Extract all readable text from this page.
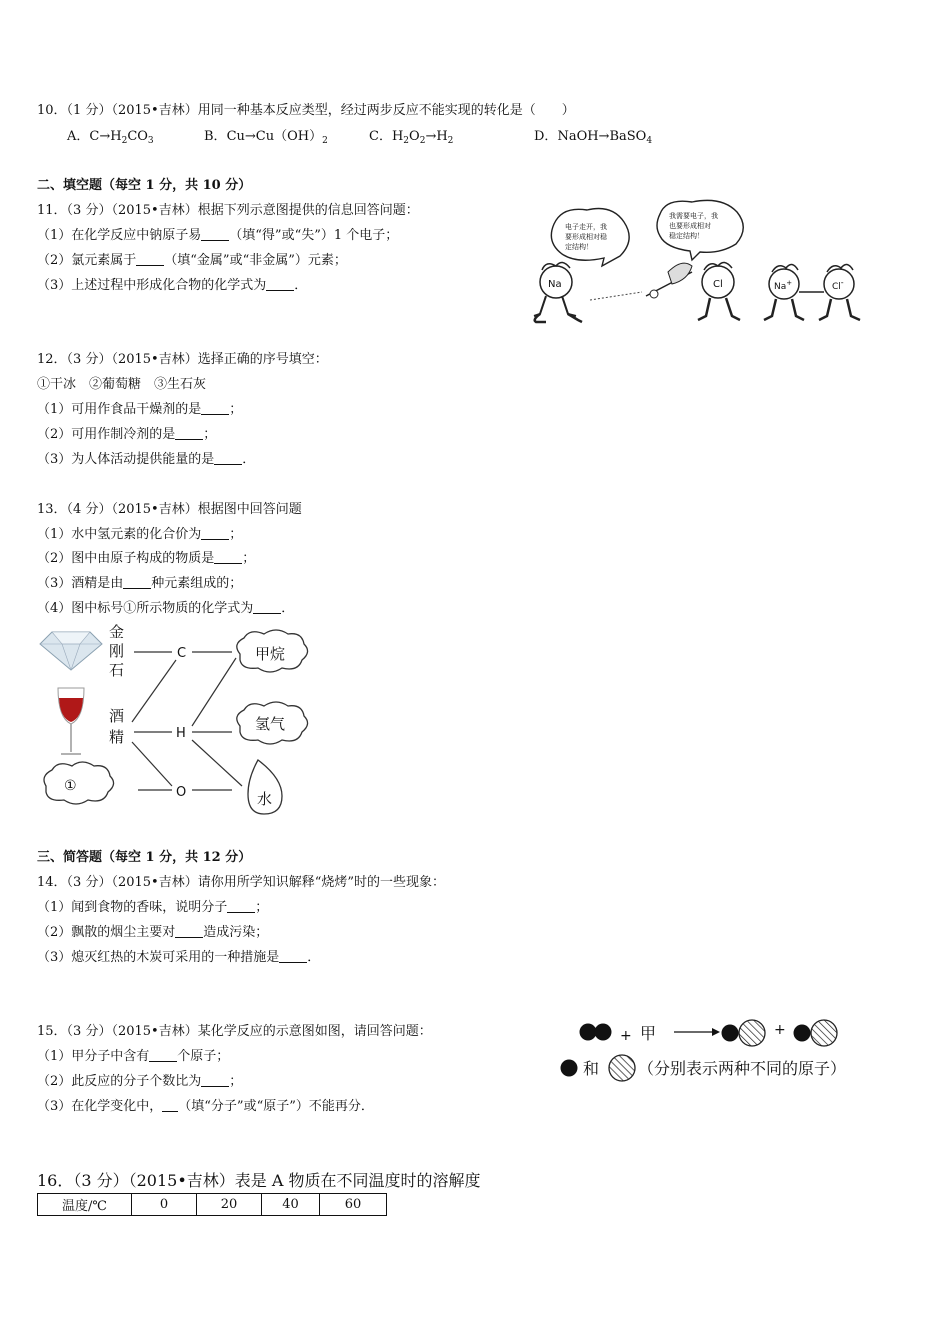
10．（1 分）（2015•吉林）用同一种基本反应类型，经过两步反应不能实现的转化是（　　）
A．$C\to H_2CO_3$	B．$Cu\to Cu(OH)_2$	C．$H_2O_2\to H_2$	D．NaOH→BaSO$_4$
二、填空题（每空 1 分，共 10 分）
11．（3 分）（2015•吉林）根据下列示意图提供的信息回答问题：
（1）在化学反应中钠原子易 （填“得”或“失”）1 个电子；
（2）氯元素属于 （填“金属”或“非金属”）元素；
（3）上述过程中形成化合物的化学式为 ．
电子走开，我
要形成相对稳
定结构！
我需要电子，我
也要形成相对
稳定结构！
Na	Cl	Na+	Cl-
12．（3 分）（2015•吉林）选择正确的序号填空：
①干冰　②葡萄糖　③生石灰
（1）可用作食品干燥剂的是 ；
（2）可用作制冷剂的是 ；
（3）为人体活动提供能量的是 ．
13．（4 分）（2015•吉林）根据图中回答问题
（1）水中氢元素的化合价为 ；
（2）图中由原子构成的物质是 ；
（3）酒精是由 种元素组成的；
（4）图中标号①所示物质的化学式为 ．
金
刚
石
酒
精
①
C
H
O
甲烷
氢气
水
三、简答题（每空 1 分，共 12 分）
14．（3 分）（2015•吉林）请你用所学知识解释“烧烤”时的一些现象：
（1）闻到食物的香味，说明分子 ；
（2）飘散的烟尘主要对 造成污染；
（3）熄灭红热的木炭可采用的一种措施是 ．
15．（3 分）（2015•吉林）某化学反应的示意图如图，请回答问题：
（1）甲分子中含有 个原子；
（2）此反应的分子个数比为 ；
（3）在化学变化中， （填“分子”或“原子”）不能再分．
+ 甲	+
和 （分别表示两种不同的原子）
16．（3 分）（2015•吉林）表是 A 物质在不同温度时的溶解度
温度/℃	0	20	40	60
